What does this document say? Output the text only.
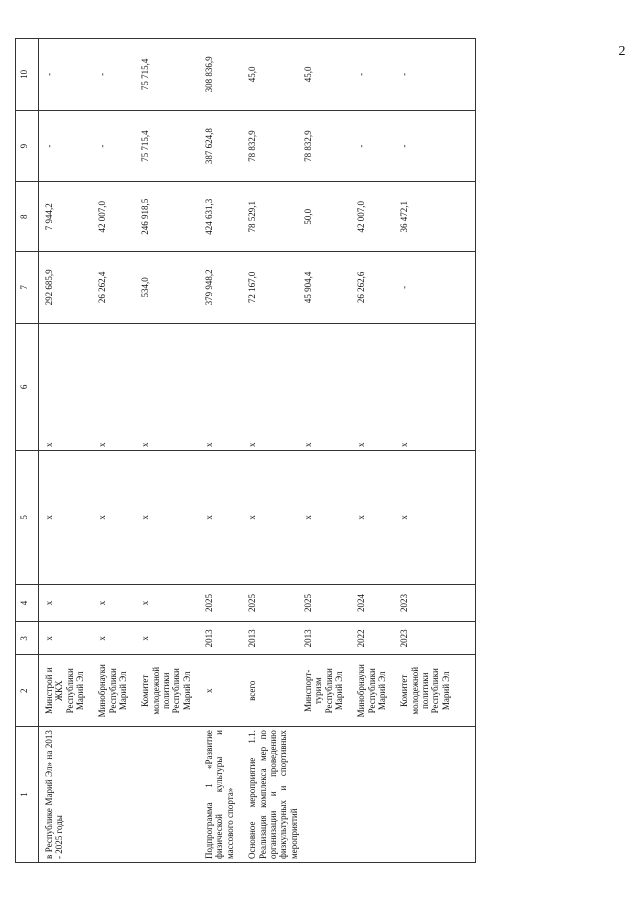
2
1	2	3	4	5	6	7	8	9	10
в Республике Марий Эл» на 2013 - 2025 годы	Минстрой и ЖКХ Республики Марий Эл	х	х	х	х	292 685,9	7 944,2	-	-
	Минобрнауки Республики Марий Эл	х	х	х	х	26 262,4	42 007,0	-	-
	Комитет молодежной политики Республики Марий Эл	х	х	х	х	534,0	246 918,5	75 715,4	75 715,4
Подпрограмма 1 «Развитие физической культуры и массового спорта»	х	2013	2025	х	х	379 948,2	424 631,3	387 624,8	308 836,9
Основное мероприятие 1.1. Реализация комплекса мер по организации и проведению физкультурных и спортивных мероприятий	всего	2013	2025	х	х	72 167,0	78 529,1	78 832,9	45,0
	Минспорт-туризм Республики Марий Эл	2013	2025	х	х	45 904,4	50,0	78 832,9	45,0
	Минобрнауки Республики Марий Эл	2022	2024	х	х	26 262,6	42 007,0	-	-
	Комитет молодежной политики Республики Марий Эл	2023	2023	х	х	-	36 472,1	-	-
